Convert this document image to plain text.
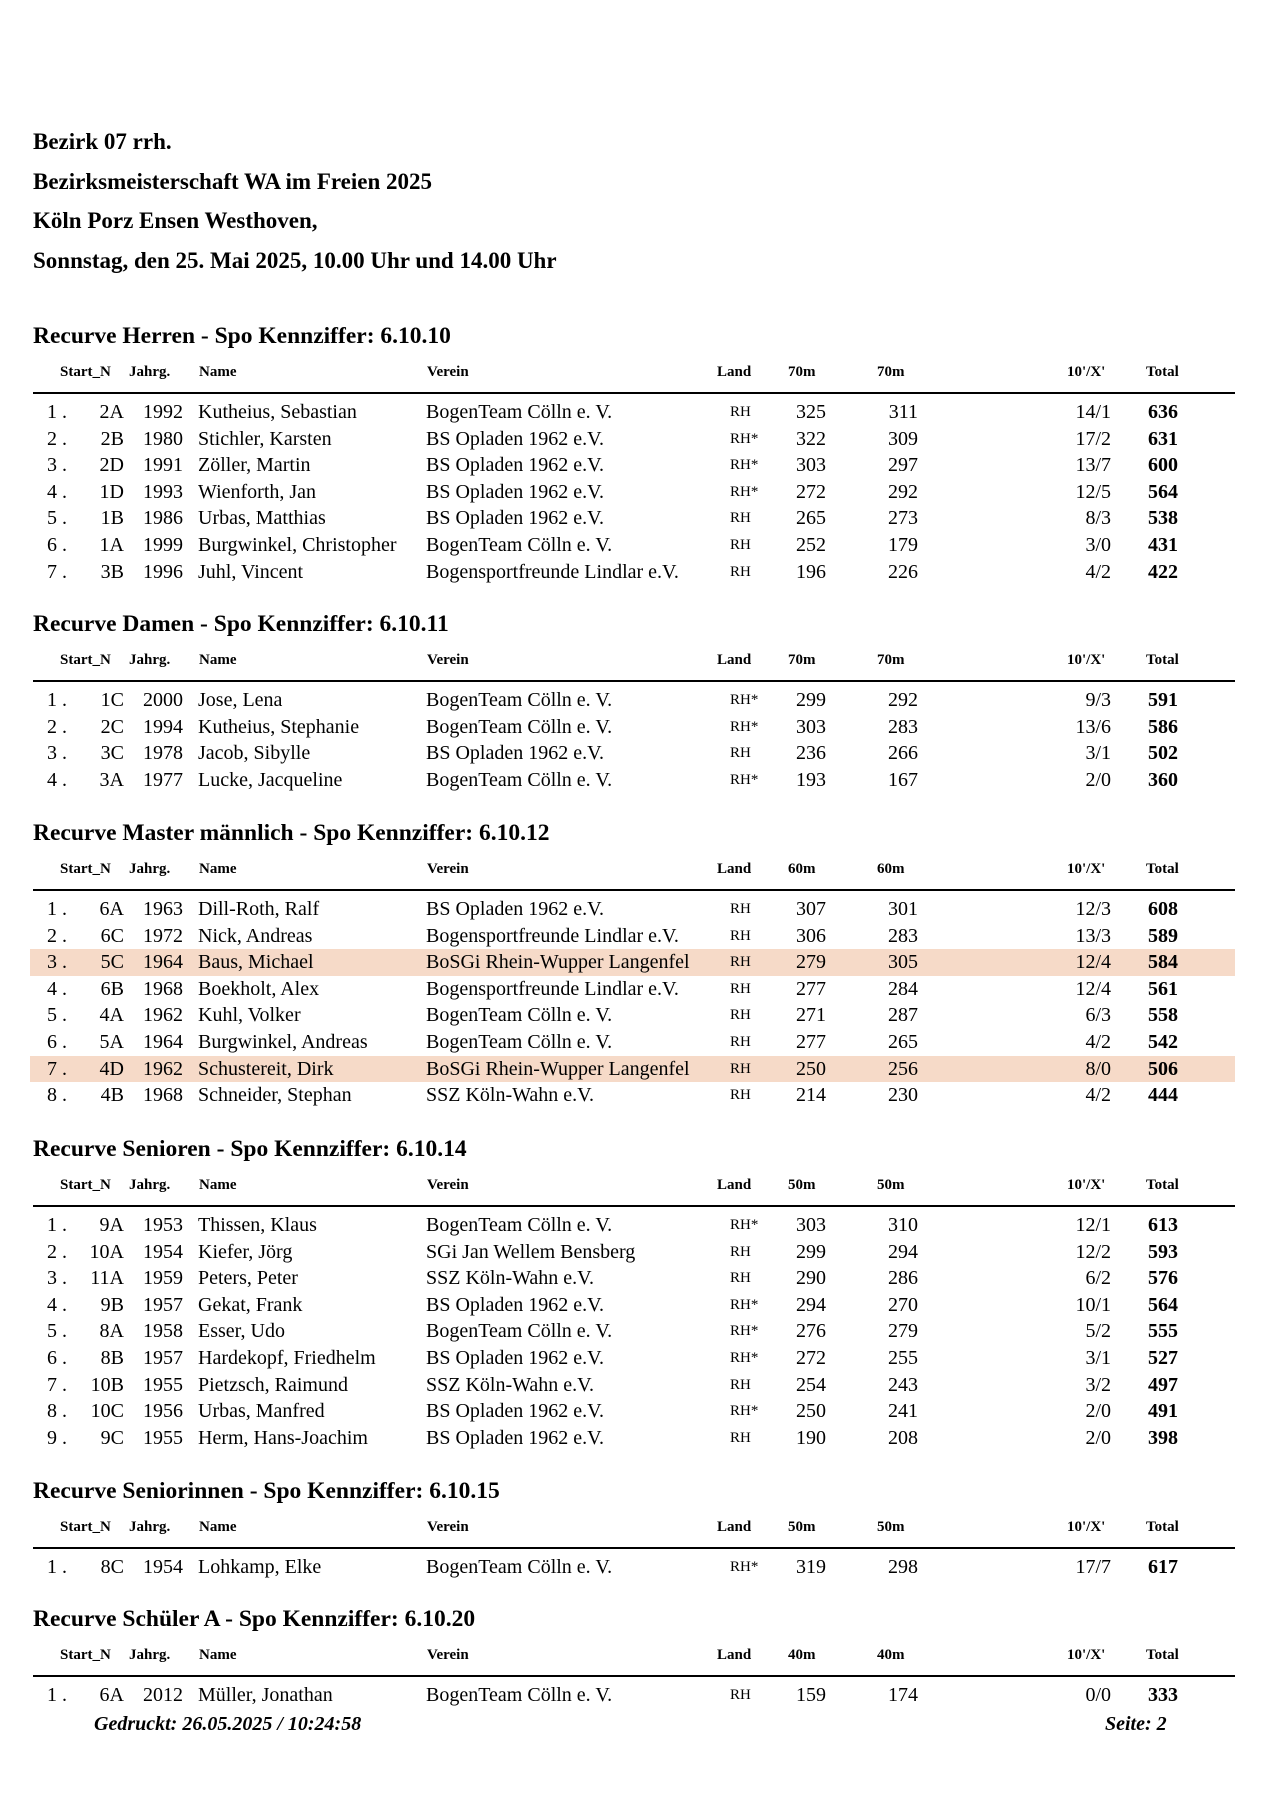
Bezirk 07 rrh.
Bezirksmeisterschaft WA im Freien 2025
Köln Porz Ensen Westhoven,
Sonnstag, den 25. Mai 2025, 10.00 Uhr und 14.00 Uhr
Recurve Herren - Spo Kennziffer: 6.10.10
Start_N Jahrg. Name	Verein	Land 70m	70m	10'/X'	Total
1 .	2A 1992 Kutheius, Sebastian	BogenTeam Cölln e. V.	RH	325	311	14/1 636
2 .	2B 1980 Stichler, Karsten	BS Opladen 1962 e.V.	RH*	322	309	17/2 631
3 .	2D 1991 Zöller, Martin	BS Opladen 1962 e.V.	RH*	303	297	13/7 600
4 .	1D 1993 Wienforth, Jan	BS Opladen 1962 e.V.	RH*	272	292	12/5 564
5 .	1B 1986 Urbas, Matthias	BS Opladen 1962 e.V.	RH	265	273	8/3 538
6 .	1A 1999 Burgwinkel, Christopher	BogenTeam Cölln e. V.	RH	252	179	3/0 431
7 .	3B 1996 Juhl, Vincent	Bogensportfreunde Lindlar e.V.	RH	196	226	4/2 422
Recurve Damen - Spo Kennziffer: 6.10.11
Start_N Jahrg. Name	Verein	Land 70m	70m	10'/X'	Total
1 .	1C 2000 Jose, Lena	BogenTeam Cölln e. V.	RH*	299	292	9/3 591
2 .	2C 1994 Kutheius, Stephanie	BogenTeam Cölln e. V.	RH*	303	283	13/6 586
3 .	3C 1978 Jacob, Sibylle	BS Opladen 1962 e.V.	RH	236	266	3/1 502
4 .	3A 1977 Lucke, Jacqueline	BogenTeam Cölln e. V.	RH*	193	167	2/0 360
Recurve Master männlich - Spo Kennziffer: 6.10.12
Start_N Jahrg. Name	Verein	Land 60m	60m	10'/X'	Total
1 .	6A 1963 Dill-Roth, Ralf	BS Opladen 1962 e.V.	RH	307	301	12/3 608
2 .	6C 1972 Nick, Andreas	Bogensportfreunde Lindlar e.V.	RH	306	283	13/3 589
3 .	5C 1964 Baus, Michael	BoSGi Rhein-Wupper Langenfel	RH	279	305	12/4 584
4 .	6B 1968 Boekholt, Alex	Bogensportfreunde Lindlar e.V.	RH	277	284	12/4 561
5 .	4A 1962 Kuhl, Volker	BogenTeam Cölln e. V.	RH	271	287	6/3 558
6 .	5A 1964 Burgwinkel, Andreas	BogenTeam Cölln e. V.	RH	277	265	4/2 542
7 .	4D 1962 Schustereit, Dirk	BoSGi Rhein-Wupper Langenfel	RH	250	256	8/0 506
8 .	4B 1968 Schneider, Stephan	SSZ Köln-Wahn e.V.	RH	214	230	4/2 444
Recurve Senioren - Spo Kennziffer: 6.10.14
Start_N Jahrg. Name	Verein	Land 50m	50m	10'/X'	Total
1 .	9A 1953 Thissen, Klaus	BogenTeam Cölln e. V.	RH*	303	310	12/1 613
2 .	10A 1954 Kiefer, Jörg	SGi Jan Wellem Bensberg	RH	299	294	12/2 593
3 .	11A 1959 Peters, Peter	SSZ Köln-Wahn e.V.	RH	290	286	6/2 576
4 .	9B 1957 Gekat, Frank	BS Opladen 1962 e.V.	RH*	294	270	10/1 564
5 .	8A 1958 Esser, Udo	BogenTeam Cölln e. V.	RH*	276	279	5/2 555
6 .	8B 1957 Hardekopf, Friedhelm	BS Opladen 1962 e.V.	RH*	272	255	3/1 527
7 .	10B 1955 Pietzsch, Raimund	SSZ Köln-Wahn e.V.	RH	254	243	3/2 497
8 .	10C 1956 Urbas, Manfred	BS Opladen 1962 e.V.	RH*	250	241	2/0 491
9 .	9C 1955 Herm, Hans-Joachim	BS Opladen 1962 e.V.	RH	190	208	2/0 398
Recurve Seniorinnen - Spo Kennziffer: 6.10.15
Start_N Jahrg. Name	Verein	Land 50m	50m	10'/X'	Total
1 .	8C 1954 Lohkamp, Elke	BogenTeam Cölln e. V.	RH*	319	298	17/7 617
Recurve Schüler A - Spo Kennziffer: 6.10.20
Start_N Jahrg. Name	Verein	Land 40m	40m	10'/X'	Total
1 .	6A 2012 Müller, Jonathan	BogenTeam Cölln e. V.	RH	159	174	0/0 333
Gedruckt: 26.05.2025 / 10:24:58	Seite: 2
